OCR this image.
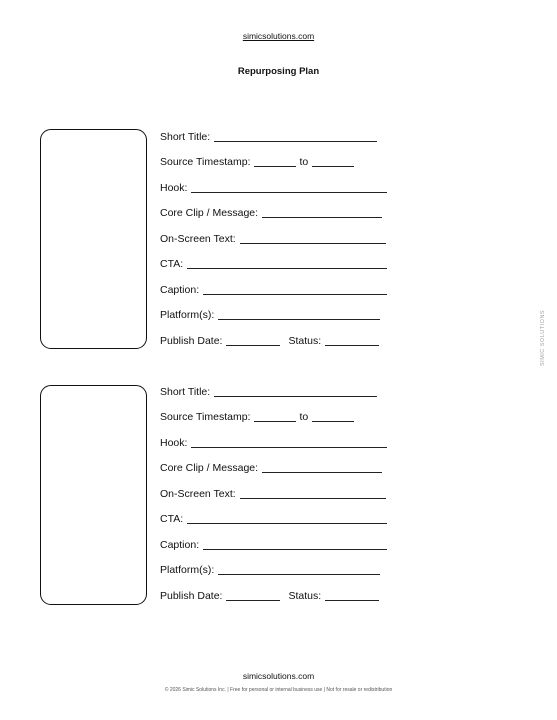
simicsolutions.com
Repurposing Plan
Short Title:
Source Timestamp:	to
Hook:
Core Clip / Message:
On-Screen Text:
CTA:
Caption:
Platform(s):
Publish Date:	Status:
Short Title:
Source Timestamp:	to
Hook:
Core Clip / Message:
On-Screen Text:
CTA:
Caption:
Platform(s):
Publish Date:	Status:
SIMIC SOLUTIONS
simicsolutions.com
© 2026 Simic Solutions Inc. | Free for personal or internal business use | Not for resale or redistribution
